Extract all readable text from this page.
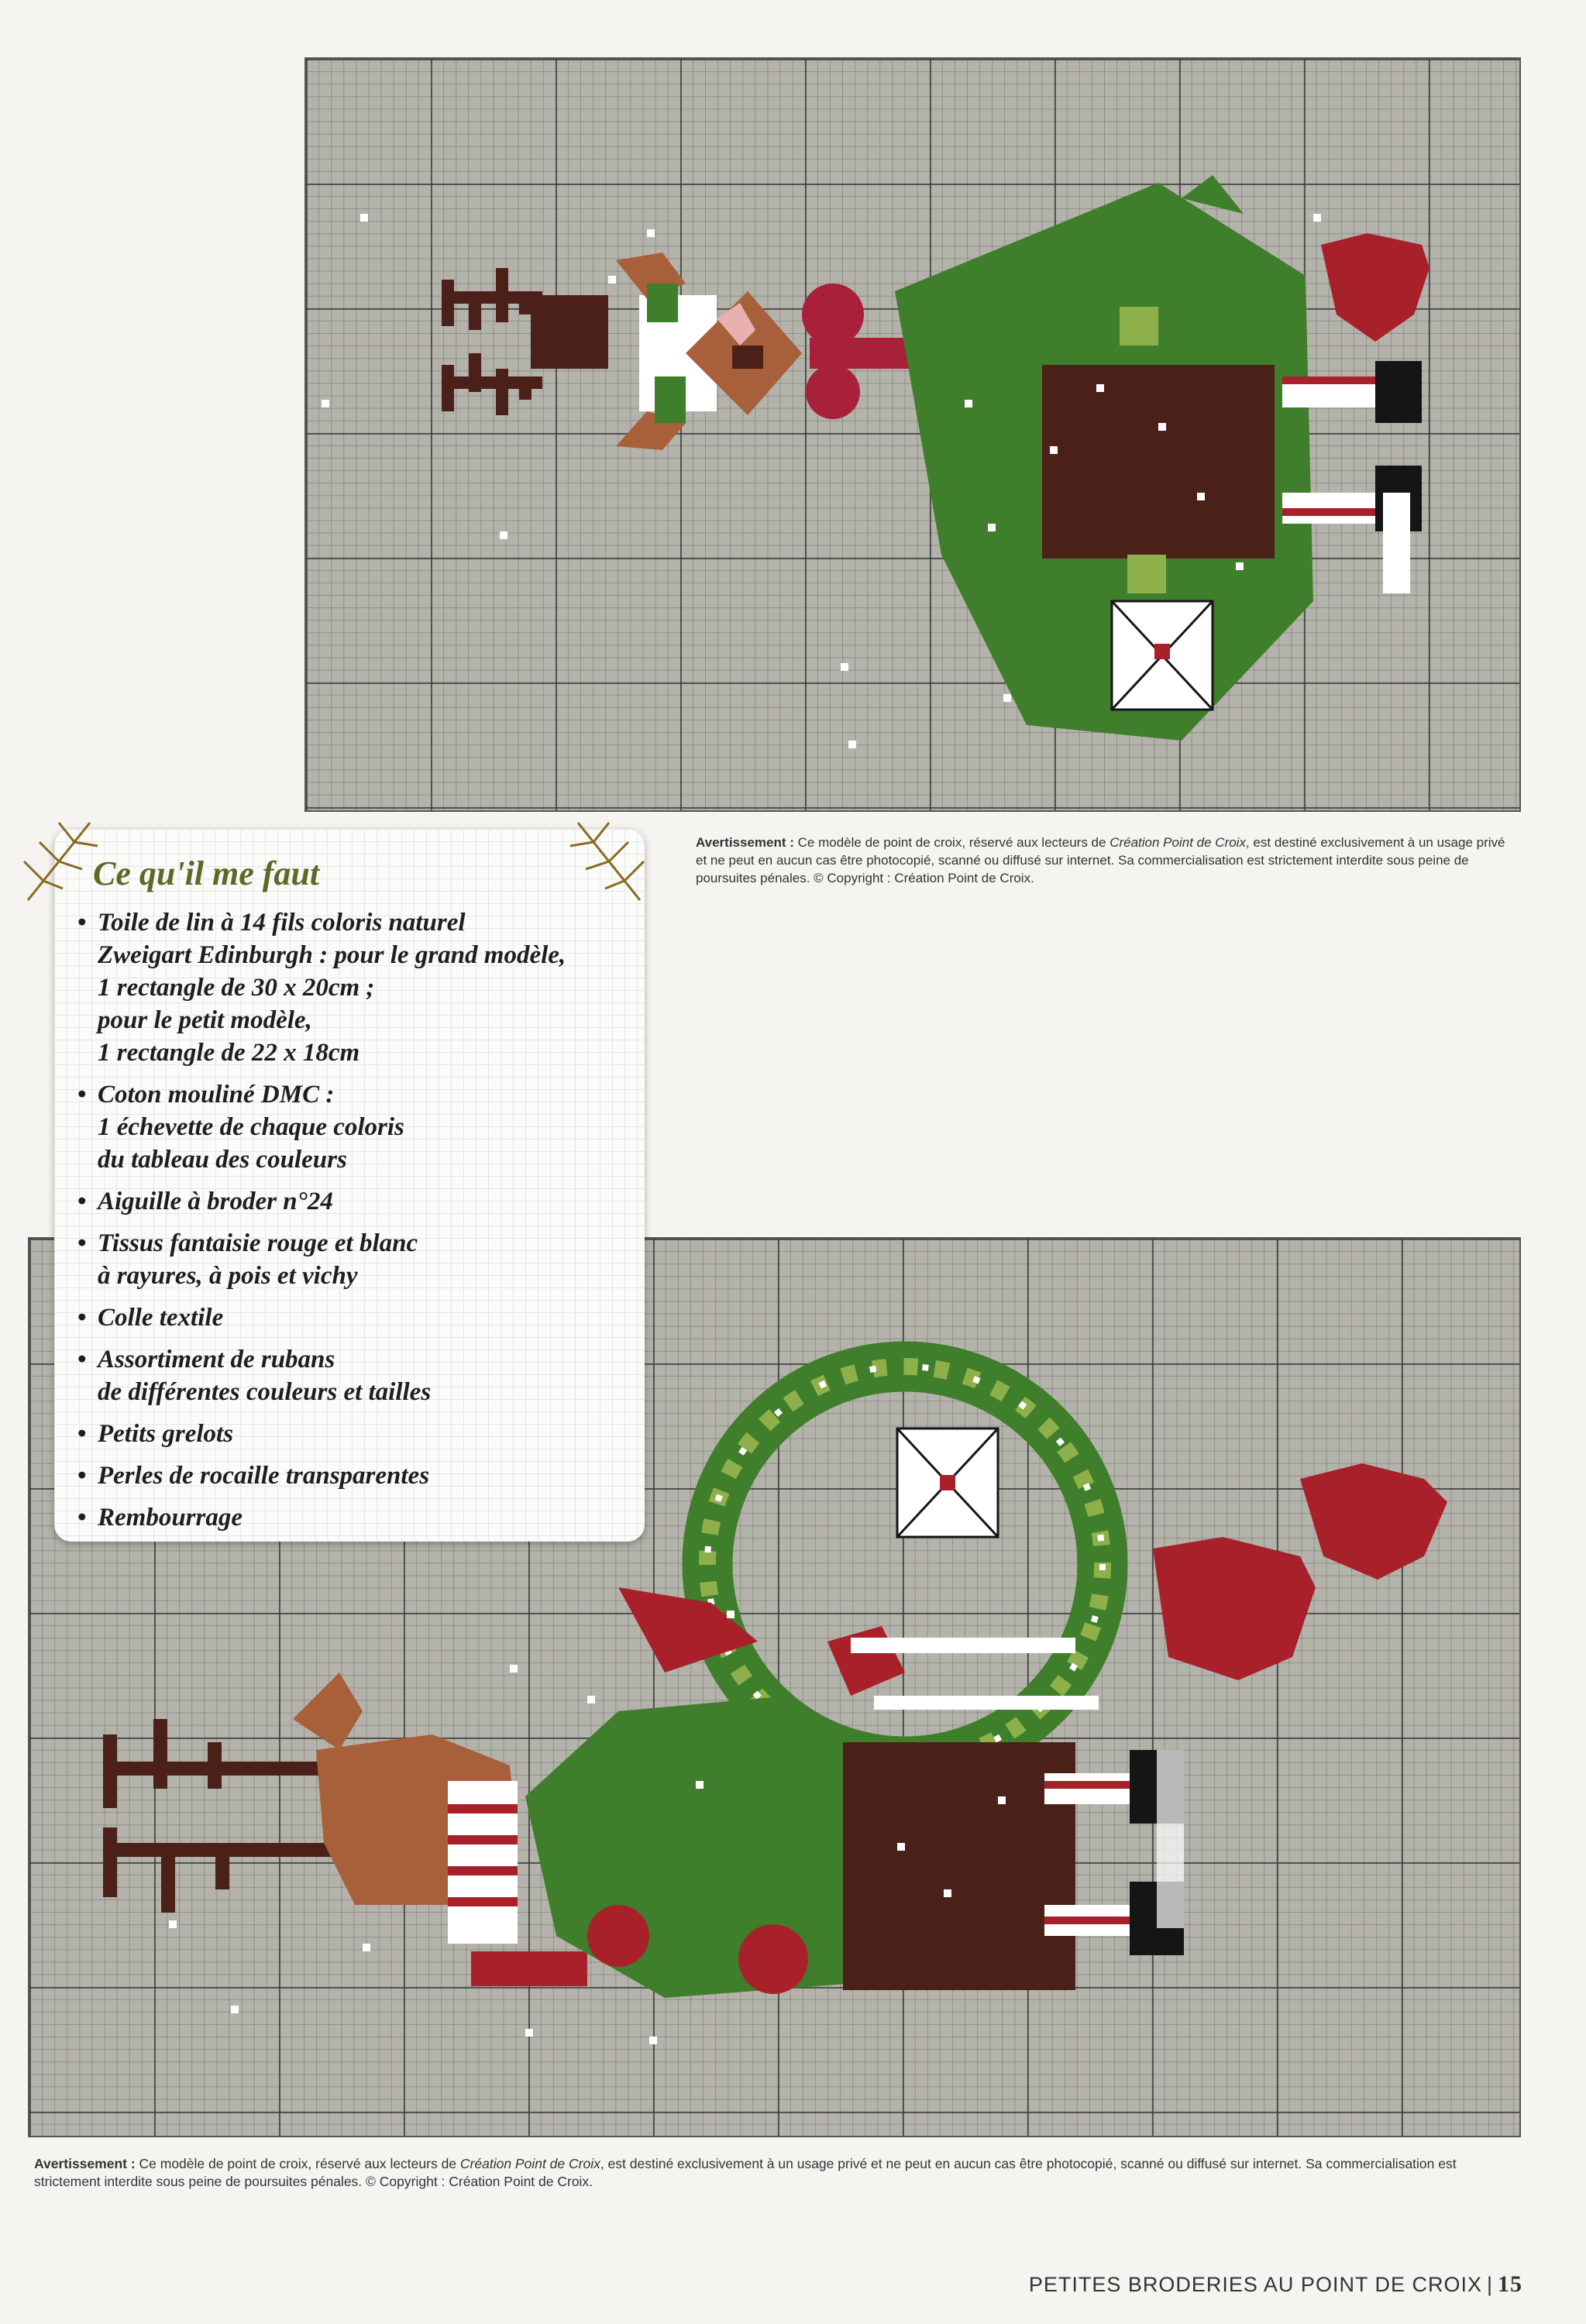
Avertissement : Ce modèle de point de croix, réservé aux lecteurs de Création Point de Croix, est destiné exclusivement à un usage privé et ne peut en aucun cas être photocopié, scanné ou diffusé sur internet. Sa commercialisation est strictement interdite sous peine de poursuites pénales. © Copyright : Création Point de Croix.
Ce qu'il me faut
• Toile de lin à 14 fils coloris naturel
Zweigart Edinburgh : pour le grand modèle,
1 rectangle de 30 x 20cm ;
pour le petit modèle,
1 rectangle de 22 x 18cm
• Coton mouliné DMC :
1 échevette de chaque coloris
du tableau des couleurs
• Aiguille à broder n°24
• Tissus fantaisie rouge et blanc
à rayures, à pois et vichy
• Colle textile
• Assortiment de rubans
de différentes couleurs et tailles
• Petits grelots
• Perles de rocaille transparentes
• Rembourrage
Avertissement : Ce modèle de point de croix, réservé aux lecteurs de Création Point de Croix, est destiné exclusivement à un usage privé et ne peut en aucun cas être photocopié, scanné ou diffusé sur internet. Sa commercialisation est strictement interdite sous peine de poursuites pénales. © Copyright : Création Point de Croix.
PETITES BRODERIES AU POINT DE CROIX | 15
